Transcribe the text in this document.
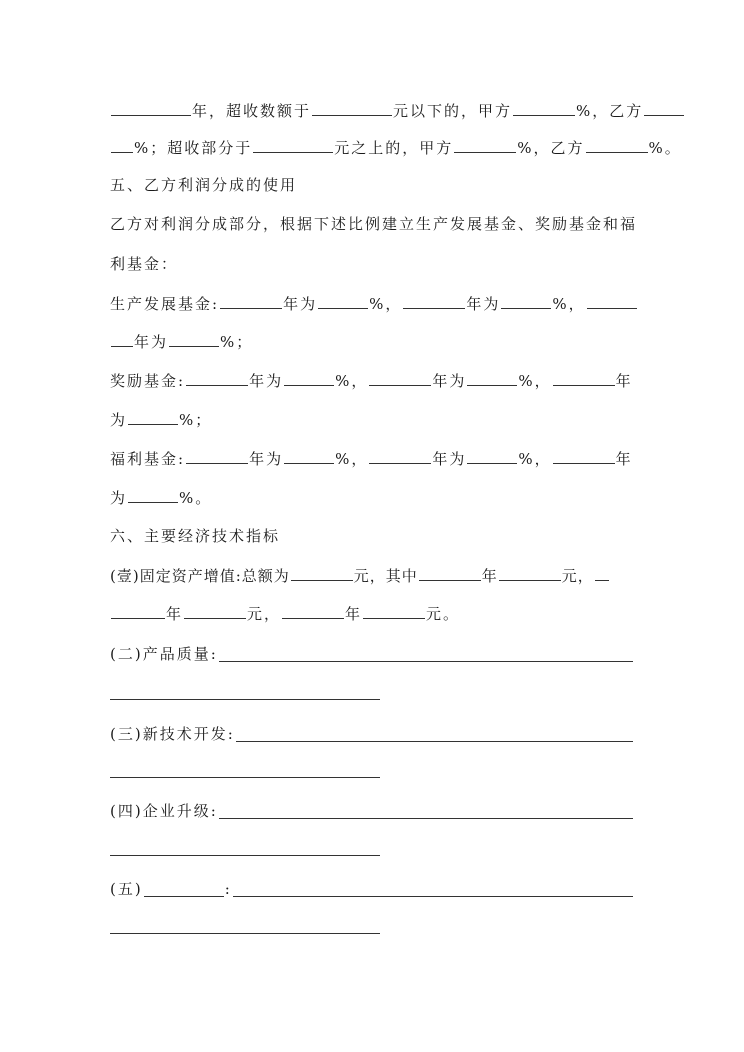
年，超收数额于	元以下的，甲方	%，乙方
%；超收部分于	元之上的，甲方	%，乙方	%。
五、乙方利润分成的使用
乙方对利润分成部分，根据下述比例建立生产发展基金、奖励基金和福
利基金：
生产发展基金:	年为	%，	年为	%，
年为	%；
奖励基金:	年为	%，	年为	%，	年
为	%；
福利基金:	年为	%，	年为	%，	年
为	%。
六、主要经济技术指标
(壹)固定资产增值:总额为	元，其中	年	元，
年	元，	年	元。
(二)产品质量:
(三)新技术开发:
(四)企业升级:
(五)	:
